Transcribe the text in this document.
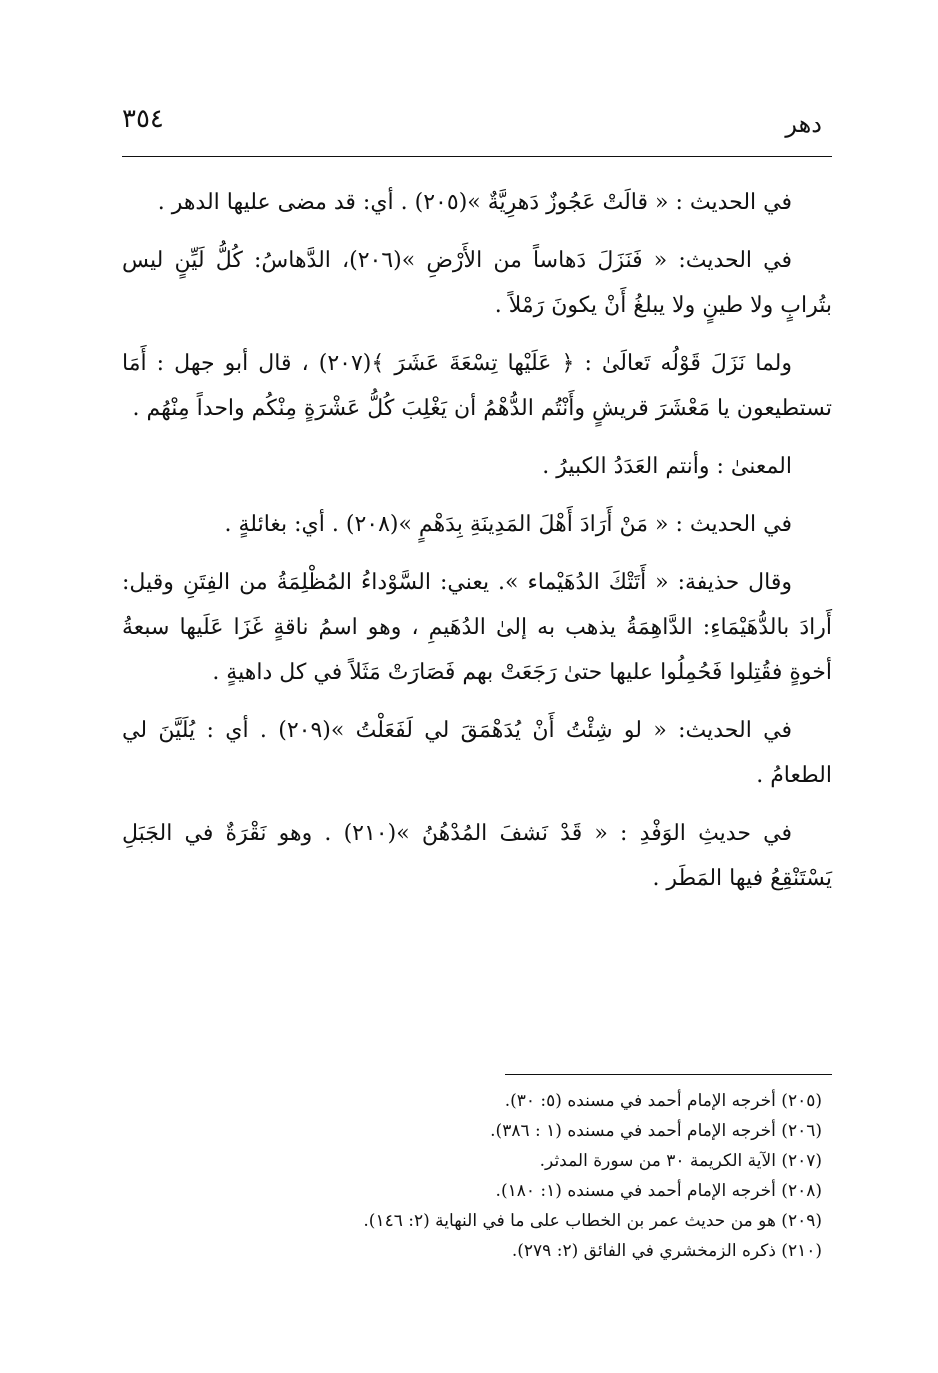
دهر
٣٥٤

في الحديث : « قالَتْ عَجُوزٌ دَهرِيَّةٌ »(٢٠٥) . أي: قد مضى عليها الدهر .

في الحديث: « فَنَزَلَ دَهاساً من الأَرْضِ »(٢٠٦)، الدَّهاسُ: كُلُّ لَيِّنٍ ليس بتُرابٍ ولا طينٍ ولا يبلغُ أَنْ يكونَ رَمْلاً .

ولما نَزَلَ قَوْلُه تَعالَىٰ : ﴿ عَلَيْها تِسْعَةَ عَشَرَ ﴾(٢٠٧) ، قال أبو جهل : أَمَا تستطيعون يا مَعْشَرَ قريشٍ وأَنْتُم الدُّهْمُ أن يَغْلِبَ كُلُّ عَشْرَةٍ مِنْكُم واحداً مِنْهُم .

المعنىٰ : وأنتم العَدَدُ الكبيرُ .

في الحديث : « مَنْ أَرَادَ أَهْلَ المَدِينَةِ بِدَهْمٍ »(٢٠٨) . أي: بغائلةٍ .

وقال حذيفة: « أَتَتْكَ الدُهَيْماء ». يعني: السَّوْداءُ المُظْلِمَةُ من الفِتَنِ وقيل: أَرادَ بالدُّهَيْمَاءِ: الدَّاهِمَةُ يذهب به إلىٰ الدُهَيمِ ، وهو اسمُ ناقةٍ غَزَا عَلَيها سبعةُ أخوةٍ فقُتِلوا فَحُمِلُوا عليها حتىٰ رَجَعَتْ بهم فَصَارَتْ مَثَلاً في كل داهيةٍ .

في الحديث: « لو شِئْتُ أَنْ يُدَهْمَقَ لي لَفَعَلْتُ »(٢٠٩) . أي : يُلَيَّنَ لي الطعامُ .

في حديثِ الوَفْدِ : « قَدْ نَشفَ المُدْهُنُ »(٢١٠) . وهو نَقْرَةٌ في الجَبَلِ يَسْتَنْقِعُ فيها المَطَر .

(٢٠٥) أخرجه الإمام أحمد في مسنده (٥: ٣٠).
(٢٠٦) أخرجه الإمام أحمد في مسنده (١ : ٣٨٦).
(٢٠٧) الآية الكريمة ٣٠ من سورة المدثر.
(٢٠٨) أخرجه الإمام أحمد في مسنده (١: ١٨٠).
(٢٠٩) هو من حديث عمر بن الخطاب على ما في النهاية (٢: ١٤٦).
(٢١٠) ذكره الزمخشري في الفائق (٢: ٢٧٩).
